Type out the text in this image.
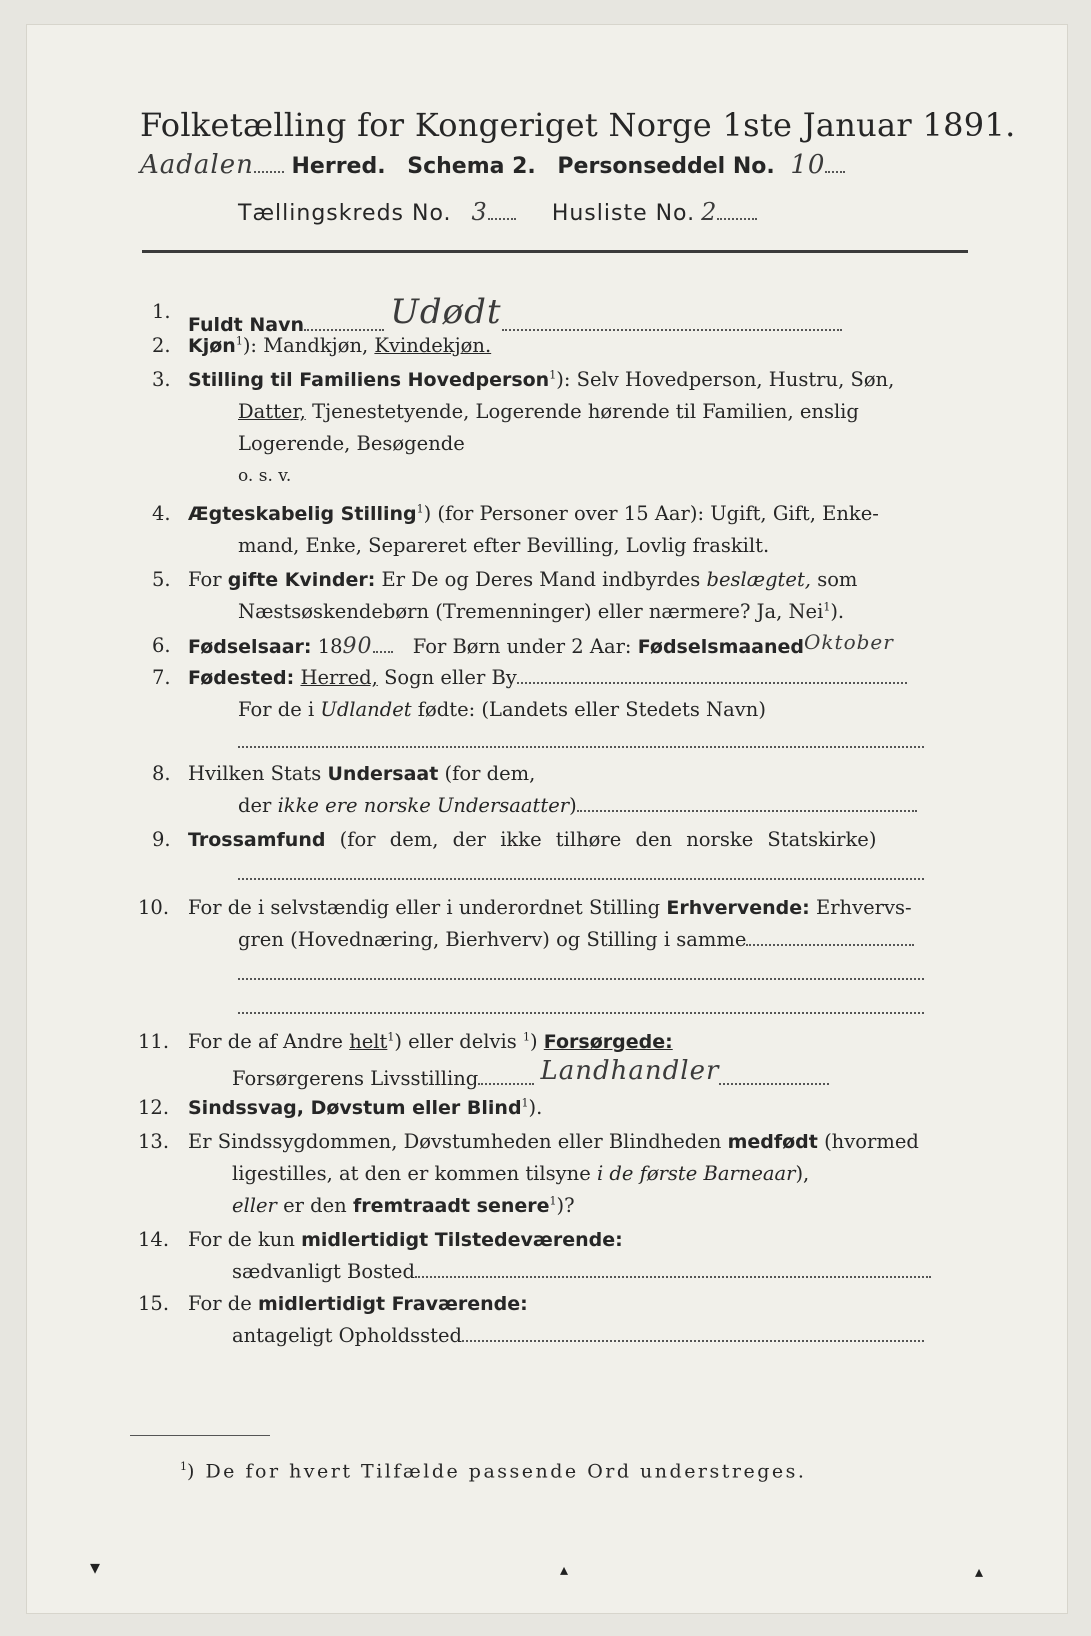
Folketælling for Kongeriget Norge 1ste Januar 1891.
Aadalen Herred. Schema 2. Personseddel No. 10
Tællingskreds No. 3	Husliste No. 2
1.
Fuldt Navn	Udødt
2. Kjøn$^1$): Mandkjøn, Kvindekjøn.
3. Stilling til Familiens Hovedperson$^1$): Selv Hovedperson, Hustru, Søn,
Datter, Tjenestetyende, Logerende hørende til Familien, enslig
Logerende, Besøgende
o. s. v.
4. Ægteskabelig Stilling$^1$) (for Personer over 15 Aar): Ugift, Gift, Enke-
mand, Enke, Separeret efter Bevilling, Lovlig fraskilt.
5. For gifte Kvinder: Er De og Deres Mand indbyrdes beslægtet, som
Næstsøskendebørn (Tremenninger) eller nærmere? Ja, Nei$^1$).
6. Fødselsaar: 1890 For Børn under 2 Aar: FødselsmaanedOktober
7. Fødested: Herred, Sogn eller By
For de i Udlandet fødte: (Landets eller Stedets Navn)
8. Hvilken Stats Undersaat (for dem,
der ikke ere norske Undersaatter)
9. Trossamfund (for dem, der ikke tilhøre den norske Statskirke)
10. For de i selvstændig eller i underordnet Stilling Erhvervende: Erhvervs-
gren (Hovednæring, Bierhverv) og Stilling i samme
11. For de af Andre helt$^1$) eller delvis $^1$) Forsørgede:
Forsørgerens Livsstilling Landhandler
12. Sindssvag, Døvstum eller Blind$^1$).
13. Er Sindssygdommen, Døvstumheden eller Blindheden medfødt (hvormed
ligestilles, at den er kommen tilsyne i de første Barneaar),
eller er den fremtraadt senere$^1$)?
14. For de kun midlertidigt Tilstedeværende:
sædvanligt Bosted
15. For de midlertidigt Fraværende:
antageligt Opholdssted
$^1$) De for hvert Tilfælde passende Ord understreges.
▾	▴	▴
